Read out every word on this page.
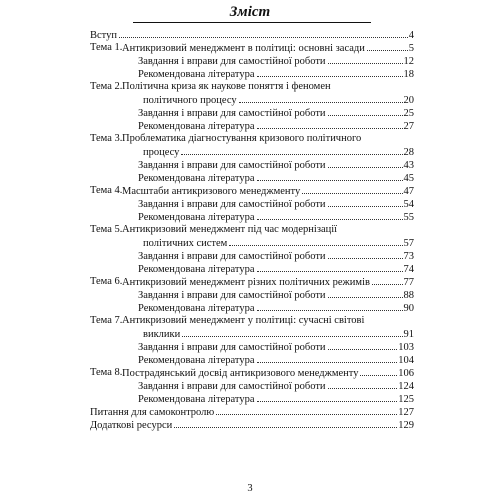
Зміст
Вступ	4
Тема 1. Антикризовий менеджмент в політиці: основні засади	5
Завдання і вправи для самостійної роботи	12
Рекомендована література	18
Тема 2. Політична криза як наукове поняття і феномен
політичного процесу	20
Завдання і вправи для самостійної роботи	25
Рекомендована література	27
Тема 3. Проблематика діагностування кризового політичного
процесу	28
Завдання і вправи для самостійної роботи	43
Рекомендована література	45
Тема 4. Масштаби антикризового менеджменту	47
Завдання і вправи для самостійної роботи	54
Рекомендована література	55
Тема 5. Антикризовий менеджмент під час модернізації
політичних систем	57
Завдання і вправи для самостійної роботи	73
Рекомендована література	74
Тема 6. Антикризовий менеджмент різних політичних режимів	77
Завдання і вправи для самостійної роботи	88
Рекомендована література	90
Тема 7. Антикризовий менеджмент у політиці: сучасні світові
виклики	91
Завдання і вправи для самостійної роботи	103
Рекомендована література	104
Тема 8. Пострадянський досвід антикризового менеджменту	106
Завдання і вправи для самостійної роботи	124
Рекомендована література	125
Питання для самоконтролю	127
Додаткові ресурси	129
3
